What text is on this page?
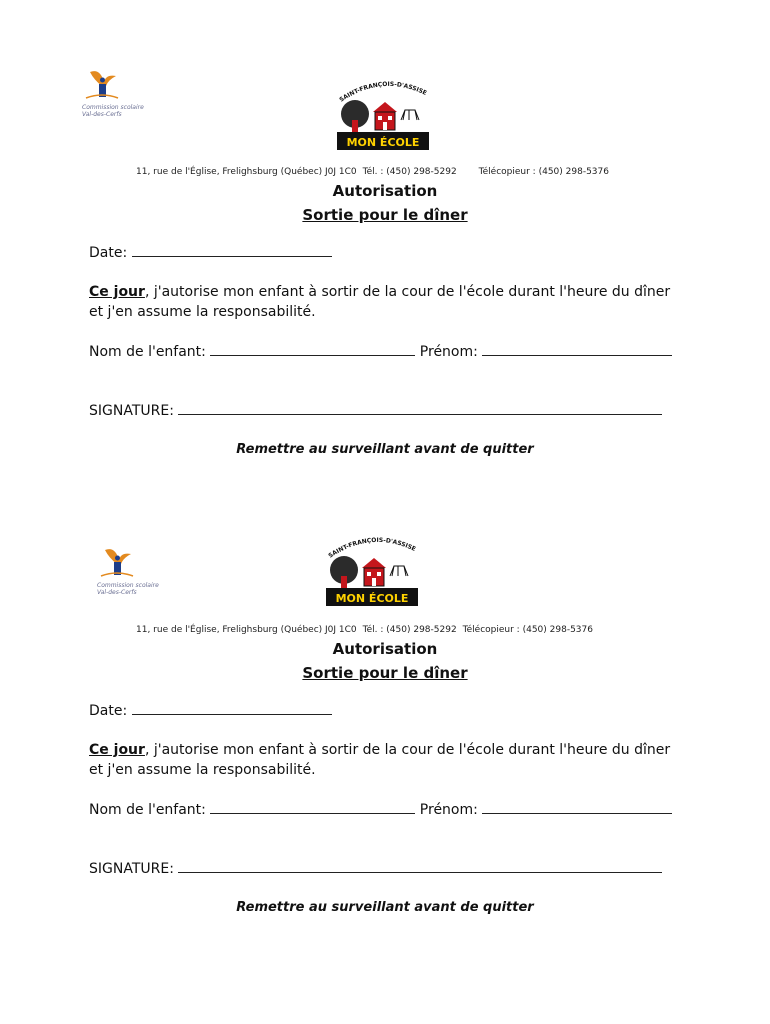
Commission scolaire
Val-des-Cerfs
SAINT-FRANÇOIS-D'ASSISE
MON ÉCOLE
11, rue de l'Église, Frelighsburg (Québec) J0J 1C0 Tél. : (450) 298-5292 Télécopieur : (450) 298-5376
Autorisation
Sortie pour le dîner
Date:
Ce jour, j'autorise mon enfant à sortir de la cour de l'école durant l'heure du dîner
et j'en assume la responsabilité.
Nom de l'enfant:	Prénom:
SIGNATURE:
Remettre au surveillant avant de quitter
Commission scolaire
Val-des-Cerfs
SAINT-FRANÇOIS-D'ASSISE
MON ÉCOLE
11, rue de l'Église, Frelighsburg (Québec) J0J 1C0 Tél. : (450) 298-5292 Télécopieur : (450) 298-5376
Autorisation
Sortie pour le dîner
Date:
Ce jour, j'autorise mon enfant à sortir de la cour de l'école durant l'heure du dîner
et j'en assume la responsabilité.
Nom de l'enfant:	Prénom:
SIGNATURE:
Remettre au surveillant avant de quitter
